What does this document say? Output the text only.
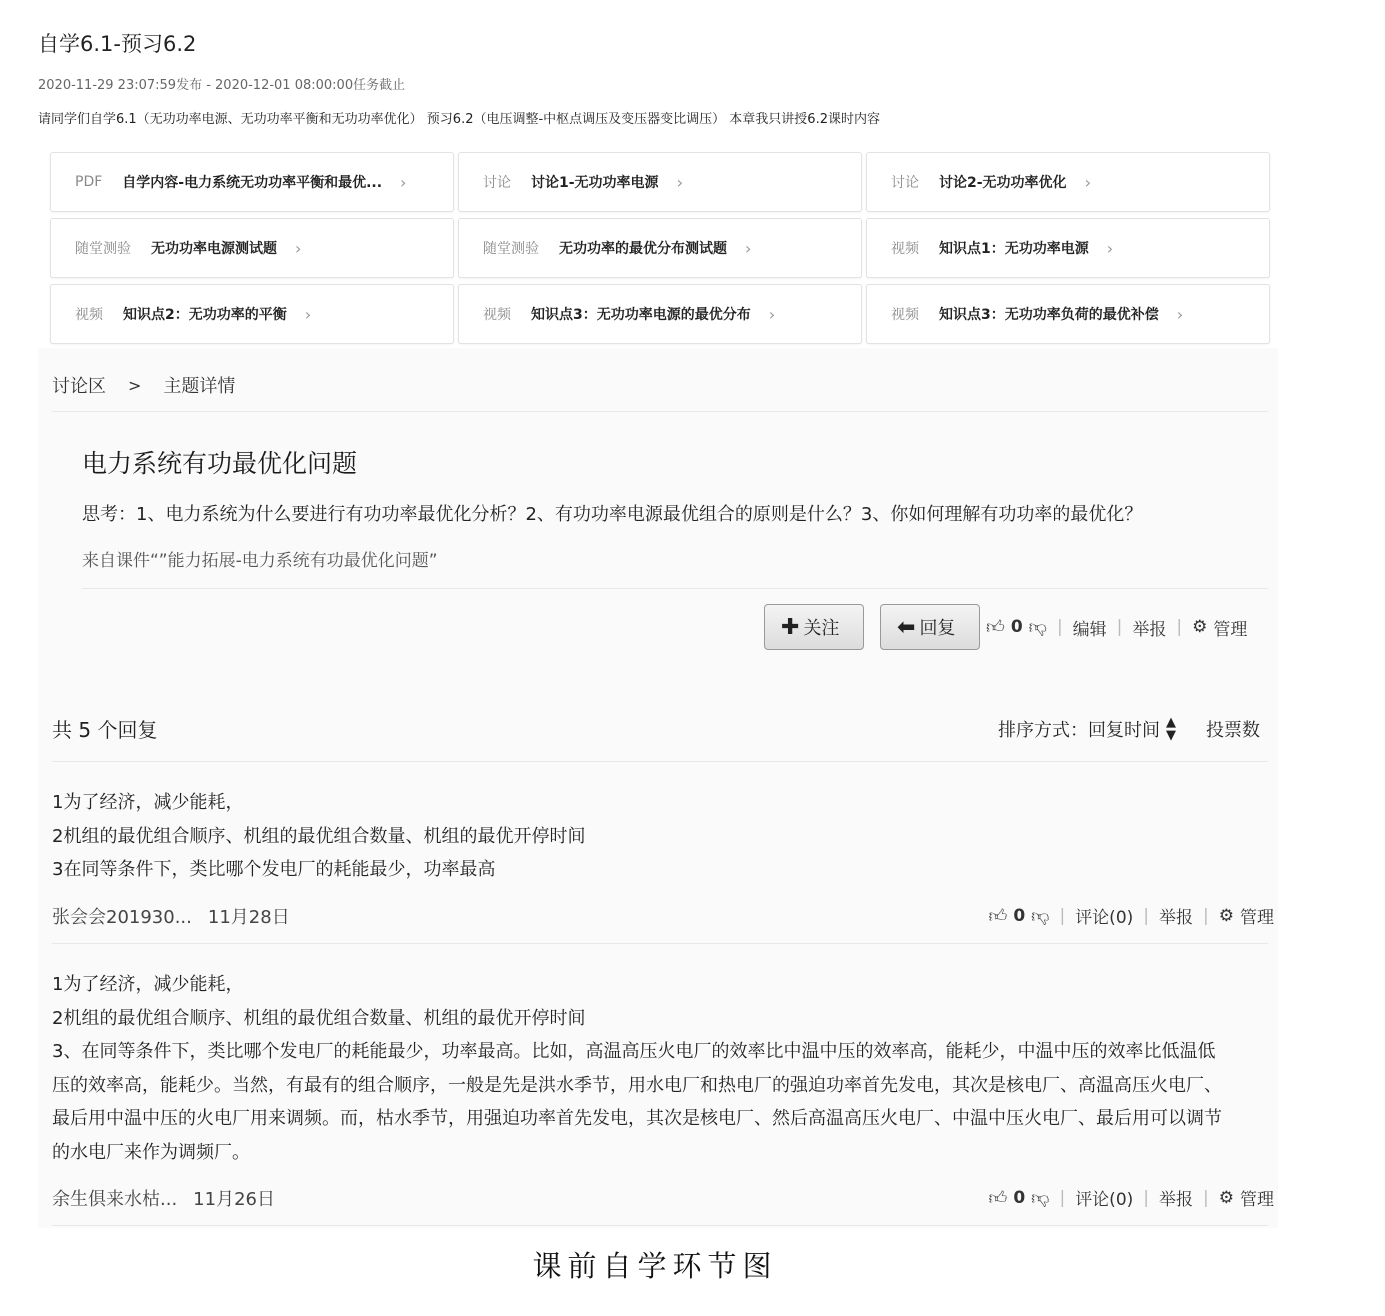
自学6.1-预习6.2
2020-11-29 23:07:59发布 - 2020-12-01 08:00:00任务截止
请同学们自学6.1（无功功率电源、无功功率平衡和无功功率优化） 预习6.2（电压调整-中枢点调压及变压器变比调压） 本章我只讲授6.2课时内容
PDF 自学内容-电力系统无功功率平衡和最优... ›	讨论 讨论1-无功功率电源 ›	讨论 讨论2-无功功率优化 ›
随堂测验 无功功率电源测试题 ›	随堂测验 无功功率的最优分布测试题 ›	视频 知识点1：无功功率电源 ›
视频 知识点2：无功功率的平衡 ›	视频 知识点3：无功功率电源的最优分布 ›	视频 知识点3：无功功率负荷的最优补偿 ›
讨论区 > 主题详情
电力系统有功最优化问题
思考：1、电力系统为什么要进行有功功率最优化分析？2、有功功率电源最优组合的原则是什么？3、你如何理解有功功率的最优化？
来自课件“”能力拓展-电力系统有功最优化问题”
✚ 关注	⬅ 回复 👍︎ 0 👎︎ | 编辑 | 举报 | ⚙ 管理
共 5 个回复	排序方式： 回复时间 ▲
▼ 投票数
1为了经济，减少能耗，
2机组的最优组合顺序、机组的最优组合数量、机组的最优开停时间
3在同等条件下，类比哪个发电厂的耗能最少，功率最高
张会会201930... 11月28日	👍︎ 0 👎︎ | 评论(0) | 举报 | ⚙ 管理
1为了经济，减少能耗，
2机组的最优组合顺序、机组的最优组合数量、机组的最优开停时间
3、在同等条件下，类比哪个发电厂的耗能最少，功率最高。比如，高温高压火电厂的效率比中温中压的效率高，能耗少，中温中压的效率比低温低
压的效率高，能耗少。当然，有最有的组合顺序，一般是先是洪水季节，用水电厂和热电厂的强迫功率首先发电，其次是核电厂、高温高压火电厂、
最后用中温中压的火电厂用来调频。而，枯水季节，用强迫功率首先发电，其次是核电厂、然后高温高压火电厂、中温中压火电厂、最后用可以调节
的水电厂来作为调频厂。
余生俱来水枯... 11月26日	👍︎ 0 👎︎ | 评论(0) | 举报 | ⚙ 管理
课前自学环节图
